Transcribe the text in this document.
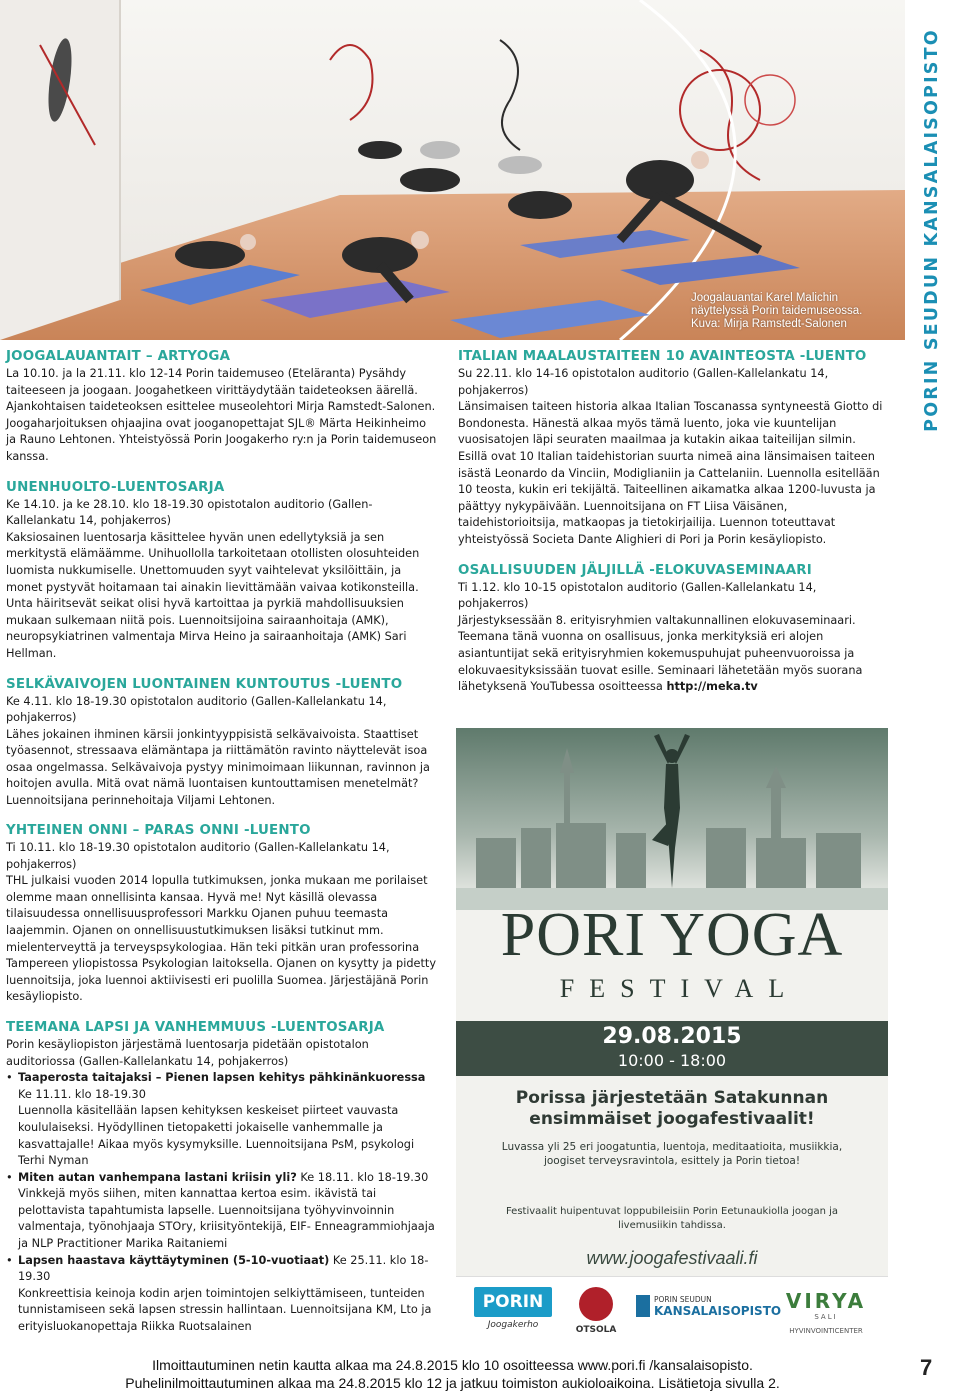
Joogalauantai Karel Malichin
näyttelyssä Porin taidemuseossa.
Kuva: Mirja Ramstedt-Salonen	PORIN SEUDUN KANSALAISOPISTO
JOOGALAUANTAIT – ARTYOGA

La 10.10. ja la 21.11. klo 12-14 Porin taidemuseo (Eteläranta) Pysähdy taiteeseen ja joogaan. Joogahetkeen virittäydytään taideteoksen äärellä. Ajankohtaisen taideteoksen esittelee museolehtori Mirja Ramstedt-Salonen. Joogaharjoituksen ohjaajina ovat jooganopettajat SJL® Märta Heikinheimo ja Rauno Lehtonen. Yhteistyössä Porin Joogakerho ry:n ja Porin taidemuseon kanssa.

UNENHUOLTO-LUENTOSARJA

Ke 14.10. ja ke 28.10. klo 18-19.30 opistotalon auditorio (Gallen-Kallelankatu 14, pohjakerros)

Kaksiosainen luentosarja käsittelee hyvän unen edellytyksiä ja sen merkitystä elämäämme. Unihuollolla tarkoitetaan otollisten olosuhteiden luomista nukkumiselle. Unettomuuden syyt vaihtelevat yksilöittäin, ja monet pystyvät hoitamaan tai ainakin lievittämään vaivaa kotikonsteilla. Unta häiritsevät seikat olisi hyvä kartoittaa ja pyrkiä mahdollisuuksien mukaan sulkemaan niitä pois. Luennoitsijoina sairaanhoitaja (AMK), neuropsykiatrinen valmentaja Mirva Heino ja sairaanhoitaja (AMK) Sari Hellman.

SELKÄVAIVOJEN LUONTAINEN KUNTOUTUS -LUENTO

Ke 4.11. klo 18-19.30 opistotalon auditorio (Gallen-Kallelankatu 14, pohjakerros)

Lähes jokainen ihminen kärsii jonkintyyppisistä selkävaivoista. Staattiset työasennot, stressaava elämäntapa ja riittämätön ravinto näyttelevät isoa osaa ongelmassa. Selkävaivoja pystyy minimoimaan liikunnan, ravinnon ja hoitojen avulla. Mitä ovat nämä luontaisen kuntouttamisen menetelmät? Luennoitsijana perinnehoitaja Viljami Lehtonen.

YHTEINEN ONNI – PARAS ONNI -LUENTO

Ti 10.11. klo 18-19.30 opistotalon auditorio (Gallen-Kallelankatu 14, pohjakerros)

THL julkaisi vuoden 2014 lopulla tutkimuksen, jonka mukaan me porilaiset olemme maan onnellisinta kansaa. Hyvä me! Nyt käsillä olevassa tilaisuudessa onnellisuusprofessori Markku Ojanen puhuu teemasta laajemmin. Ojanen on onnellisuustutkimuksen lisäksi tutkinut mm. mielenterveyttä ja terveyspsykologiaa. Hän teki pitkän uran professorina Tampereen yliopistossa Psykologian laitoksella. Ojanen on kysytty ja pidetty luennoitsija, joka luennoi aktiivisesti eri puolilla Suomea. Järjestäjänä Porin kesäyliopisto.

TEEMANA LAPSI JA VANHEMMUUS -LUENTOSARJA

Porin kesäyliopiston järjestämä luentosarja pidetään opistotalon auditoriossa (Gallen-Kallelankatu 14, pohjakerros)

• Taaperosta taitajaksi – Pienen lapsen kehitys pähkinänkuoressa
Ke 11.11. klo 18-19.30
Luennolla käsitellään lapsen kehityksen keskeiset piirteet vauvasta koululaiseksi. Hyödyllinen tietopaketti jokaiselle vanhemmalle ja kasvattajalle! Aikaa myös kysymyksille. Luennoitsijana PsM, psykologi Terhi Nyman
• Miten autan vanhempana lastani kriisin yli? Ke 18.11. klo 18-19.30
Vinkkejä myös siihen, miten kannattaa kertoa esim. ikävistä tai pelottavista tapahtumista lapselle. Luennoitsijana työhyvinvoinnin valmentaja, työnohjaaja STOry, kriisityöntekijä, EIF- Enneagrammiohjaaja ja NLP Practitioner Marika Raitaniemi
• Lapsen haastava käyttäytyminen (5-10-vuotiaat) Ke 25.11. klo 18-19.30
Konkreettisia keinoja kodin arjen toimintojen selkiyttämiseen, tunteiden tunnistamiseen sekä lapsen stressin hallintaan. Luennoitsijana KM, Lto ja erityisluokanopettaja Riikka Ruotsalainen
ITALIAN MAALAUSTAITEEN 10 AVAINTEOSTA -LUENTO

Su 22.11. klo 14-16 opistotalon auditorio (Gallen-Kallelankatu 14, pohjakerros)

Länsimaisen taiteen historia alkaa Italian Toscanassa syntyneestä Giotto di Bondonesta. Hänestä alkaa myös tämä luento, joka vie kuuntelijan vuosisatojen läpi seuraten maailmaa ja kutakin aikaa taiteilijan silmin. Esillä ovat 10 Italian taidehistorian suurta nimeä aina länsimaisen taiteen isästä Leonardo da Vinciin, Modiglianiin ja Cattelaniin. Luennolla esitellään 10 teosta, kukin eri tekijältä. Taiteellinen aikamatka alkaa 1200-luvusta ja päättyy nykypäivään. Luennoitsijana on FT Liisa Väisänen, taidehistorioitsija, matkaopas ja tietokirjailija. Luennon toteuttavat yhteistyössä Societa Dante Alighieri di Pori ja Porin kesäyliopisto.

OSALLISUUDEN JÄLJILLÄ -ELOKUVASEMINAARI

Ti 1.12. klo 10-15 opistotalon auditorio (Gallen-Kallelankatu 14, pohjakerros)

Järjestyksessään 8. erityisryhmien valtakunnallinen elokuvaseminaari. Teemana tänä vuonna on osallisuus, jonka merkityksiä eri alojen asiantuntijat sekä erityisryhmien kokemuspuhujat puheenvuoroissa ja elokuvaesityksissään tuovat esille. Seminaari lähetetään myös suorana lähetyksenä YouTubessa osoitteessa http://meka.tv

PORI YOGA
FESTIVAL
29.08.2015
10:00 - 18:00
Porissa järjestetään Satakunnan ensimmäiset joogafestivaalit!
Luvassa yli 25 eri joogatuntia, luentoja, meditaatioita, musiikkia, joogiset terveysravintola, esittely ja Porin tietoa!
Festivaalit huipentuvat loppubileisiin Porin Eetunaukiolla joogan ja livemusiikin tahdissa.
www.joogafestivaali.fi
PORIN
Joogakerho	OTSOLA
PORIN SEUDUN
KANSALAISOPISTO VIRYA
SALI
HYVINVOINTICENTER
Ilmoittautuminen netin kautta alkaa ma 24.8.2015 klo 10 osoitteessa www.pori.fi /kansalaisopisto.
Puhelinilmoittautuminen alkaa ma 24.8.2015 klo 12 ja jatkuu toimiston aukioloaikoina. Lisätietoja sivulla 2.
7
